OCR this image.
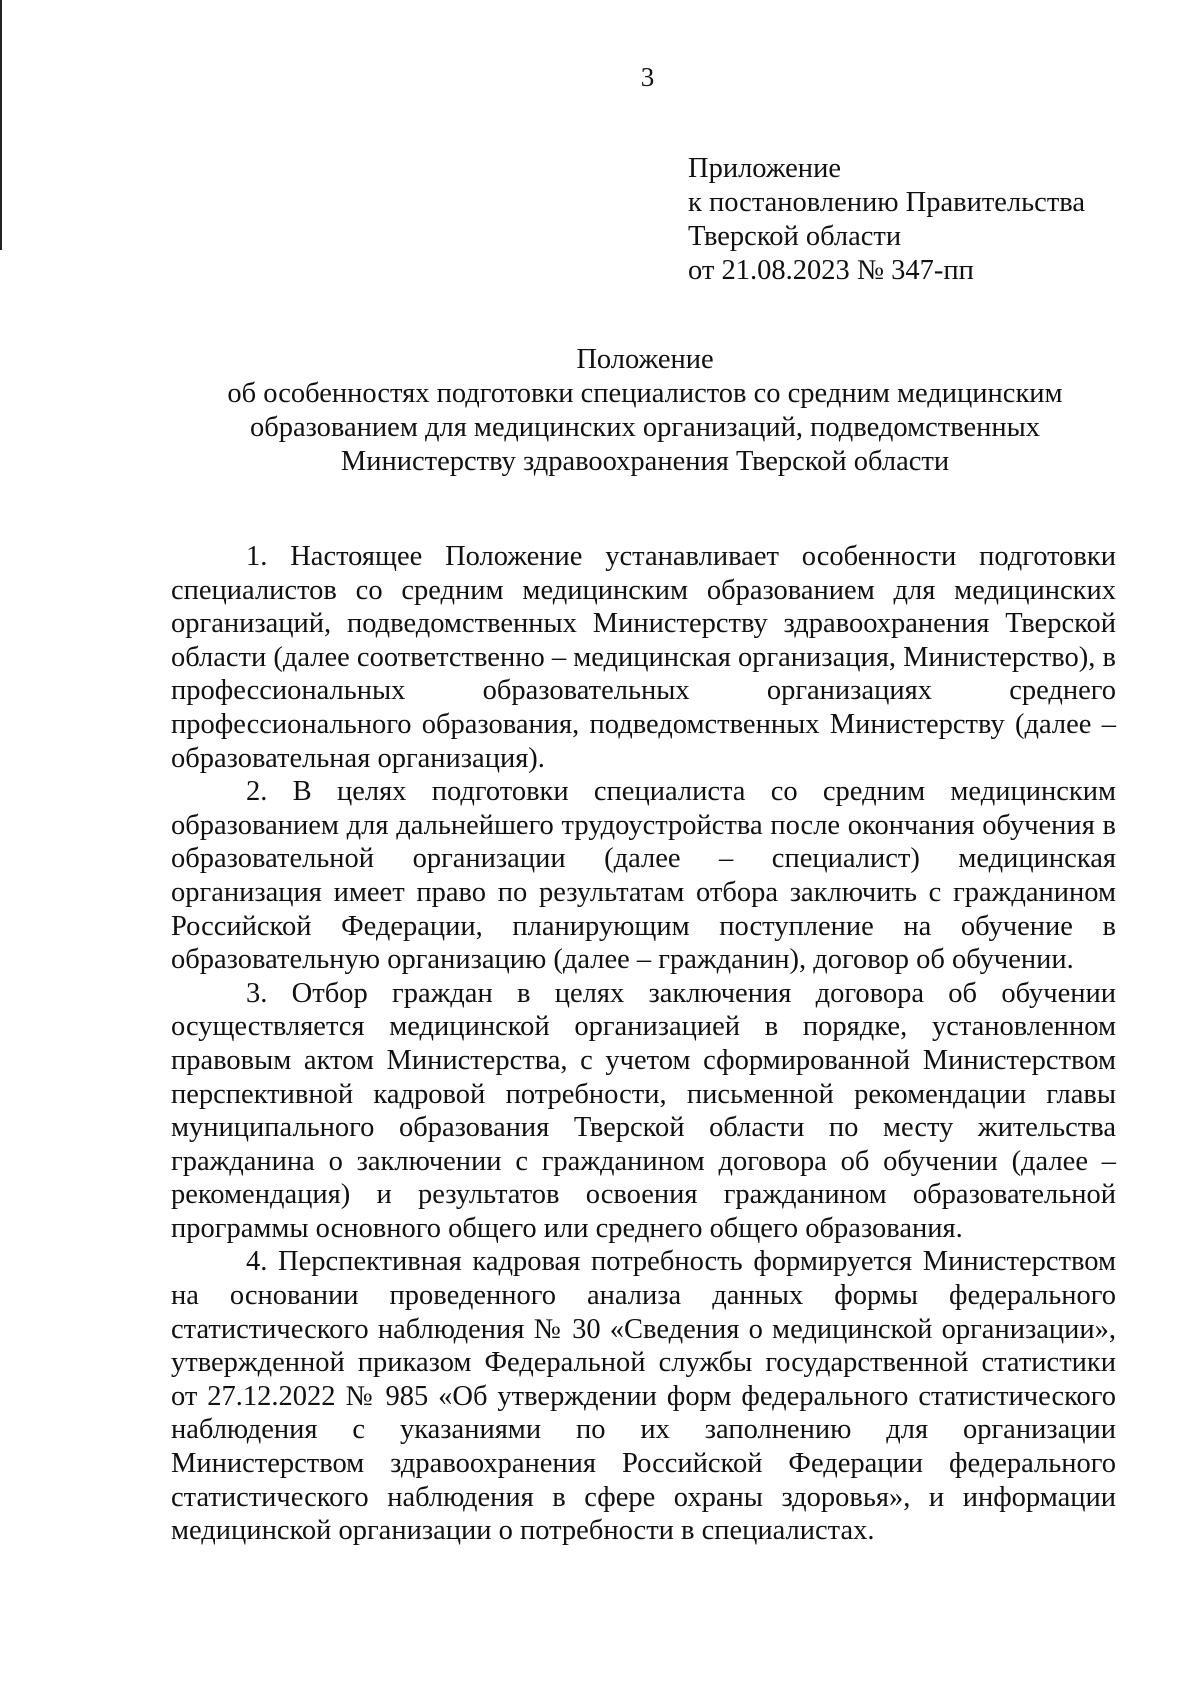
3
Приложение
к постановлению Правительства
Тверской области
от 21.08.2023 № 347-пп
Положение
об особенностях подготовки специалистов со средним медицинским
образованием для медицинских организаций, подведомственных
Министерству здравоохранения Тверской области

1. Настоящее Положение устанавливает особенности подготовки специалистов со средним медицинским образованием для медицинских организаций, подведомственных Министерству здравоохранения Тверской области (далее соответственно – медицинская организация, Министерство), в профессиональных образовательных организациях среднего профессионального образования, подведомственных Министерству (далее – образовательная организация).

2. В целях подготовки специалиста со средним медицинским образованием для дальнейшего трудоустройства после окончания обучения в образовательной организации (далее – специалист) медицинская организация имеет право по результатам отбора заключить с гражданином Российской Федерации, планирующим поступление на обучение в образовательную организацию (далее – гражданин), договор об обучении.

3. Отбор граждан в целях заключения договора об обучении осуществляется медицинской организацией в порядке, установленном правовым актом Министерства, с учетом сформированной Министерством перспективной кадровой потребности, письменной рекомендации главы муниципального образования Тверской области по месту жительства гражданина о заключении с гражданином договора об обучении (далее – рекомендация) и результатов освоения гражданином образовательной программы основного общего или среднего общего образования.

4. Перспективная кадровая потребность формируется Министерством на основании проведенного анализа данных формы федерального статистического наблюдения № 30 «Сведения о медицинской организации», утвержденной приказом Федеральной службы государственной статистики от 27.12.2022 № 985 «Об утверждении форм федерального статистического наблюдения с указаниями по их заполнению для организации Министерством здравоохранения Российской Федерации федерального статистического наблюдения в сфере охраны здоровья», и информации медицинской организации о потребности в специалистах.
